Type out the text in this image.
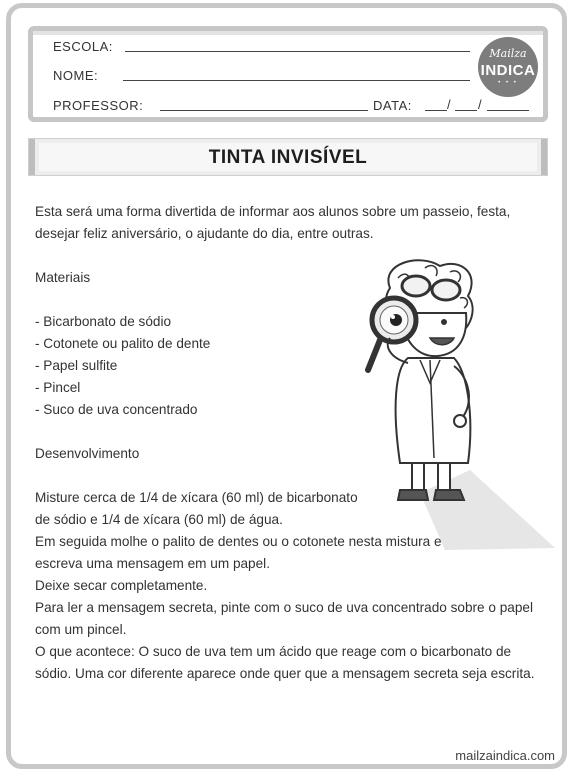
ESCOLA:
NOME:
PROFESSOR:	DATA:	/ /
Mailza
INDICA
• • •
TINTA INVISÍVEL
Esta será uma forma divertida de informar aos alunos sobre um passeio, festa,
desejar feliz aniversário, o ajudante do dia, entre outras.
Materiais
- Bicarbonato de sódio
- Cotonete ou palito de dente
- Papel sulfite
- Pincel
- Suco de uva concentrado
Desenvolvimento
Misture cerca de 1/4 de xícara (60 ml) de bicarbonato
de sódio e 1/4 de xícara (60 ml) de água.
Em seguida molhe o palito de dentes ou o cotonete nesta mistura e
escreva uma mensagem em um papel.
Deixe secar completamente.
Para ler a mensagem secreta, pinte com o suco de uva concentrado sobre o papel
com um pincel.
O que acontece: O suco de uva tem um ácido que reage com o bicarbonato de
sódio. Uma cor diferente aparece onde quer que a mensagem secreta seja escrita.
mailzaindica.com
